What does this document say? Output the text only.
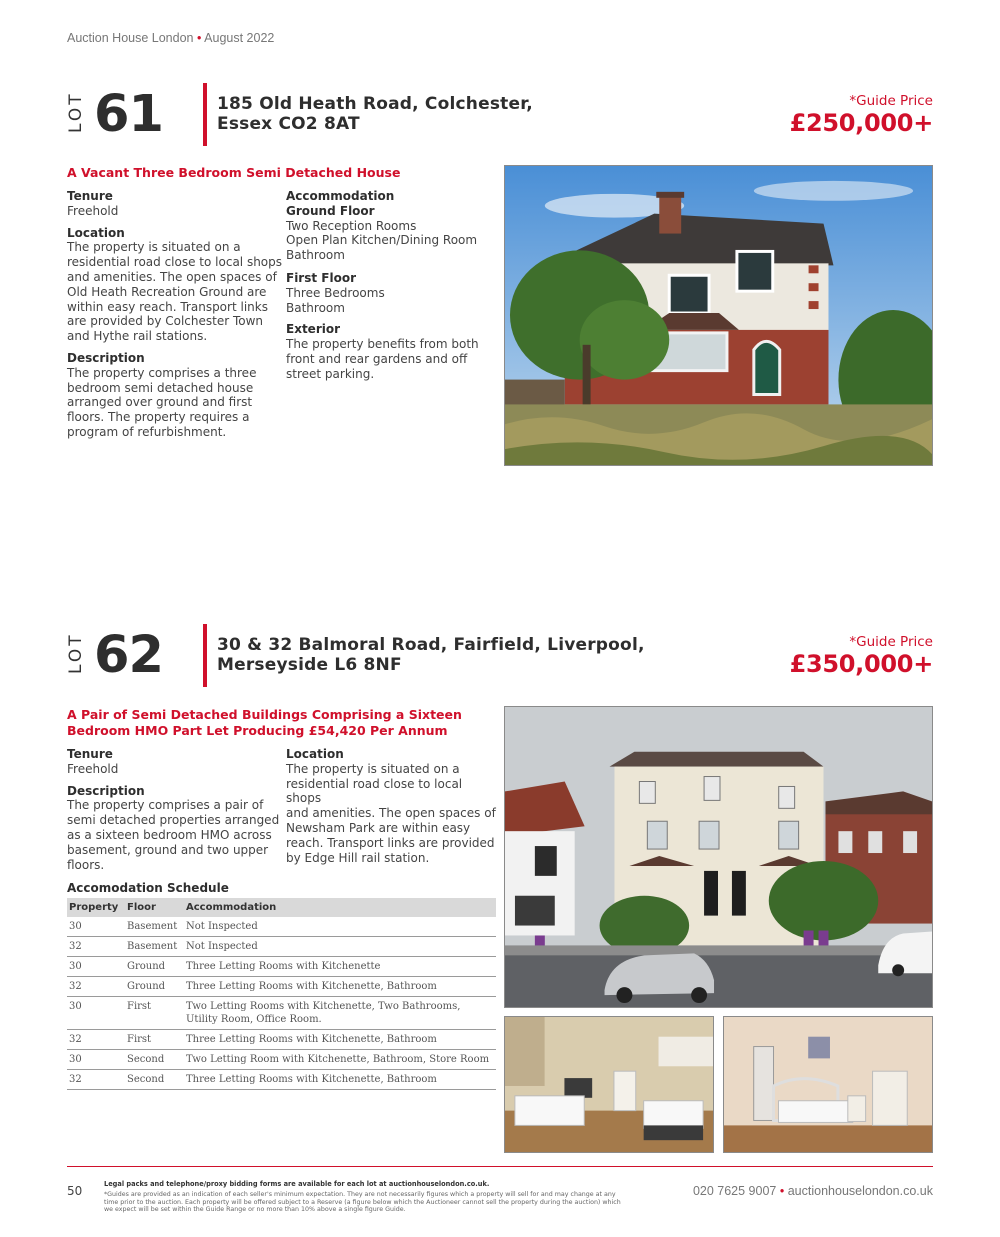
Auction House London • August 2022
LOT 61	185 Old Heath Road, Colchester,
Essex CO2 8AT
*Guide Price
£250,000+
A Vacant Three Bedroom Semi Detached House
Tenure
Freehold
Location
The property is situated on a
residential road close to local shops
and amenities. The open spaces of
Old Heath Recreation Ground are
within easy reach. Transport links
are provided by Colchester Town
and Hythe rail stations.
Description
The property comprises a three
bedroom semi detached house
arranged over ground and first
floors. The property requires a
program of refurbishment.
Accommodation
Ground Floor
Two Reception Rooms
Open Plan Kitchen/Dining Room
Bathroom
First Floor
Three Bedrooms
Bathroom
Exterior
The property benefits from both
front and rear gardens and off
street parking.
LOT 62	30 & 32 Balmoral Road, Fairfield, Liverpool,
Merseyside L6 8NF
*Guide Price
£350,000+
A Pair of Semi Detached Buildings Comprising a Sixteen
Bedroom HMO Part Let Producing £54,420 Per Annum
Tenure
Freehold
Description
The property comprises a pair of
semi detached properties arranged
as a sixteen bedroom HMO across
basement, ground and two upper
floors.
Location
The property is situated on a
residential road close to local shops
and amenities. The open spaces of
Newsham Park are within easy
reach. Transport links are provided
by Edge Hill rail station.
Accomodation Schedule
Property	Floor	Accommodation
30	Basement	Not Inspected
32	Basement	Not Inspected
30	Ground	Three Letting Rooms with Kitchenette
32	Ground	Three Letting Rooms with Kitchenette, Bathroom
30	First	Two Letting Rooms with Kitchenette, Two Bathrooms, Utility Room, Office Room.
32	First	Three Letting Rooms with Kitchenette, Bathroom
30	Second	Two Letting Room with Kitchenette, Bathroom, Store Room
32	Second	Three Letting Rooms with Kitchenette, Bathroom
50	Legal packs and telephone/proxy bidding forms are available for each lot at auctionhouselondon.co.uk.
*Guides are provided as an indication of each seller's minimum expectation. They are not necessarily figures which a property will sell for and may change at any time prior to the auction. Each property will be offered subject to a Reserve (a figure below which the Auctioneer cannot sell the property during the auction) which we expect will be set within the Guide Range or no more than 10% above a single figure Guide.
020 7625 9007 • auctionhouselondon.co.uk
